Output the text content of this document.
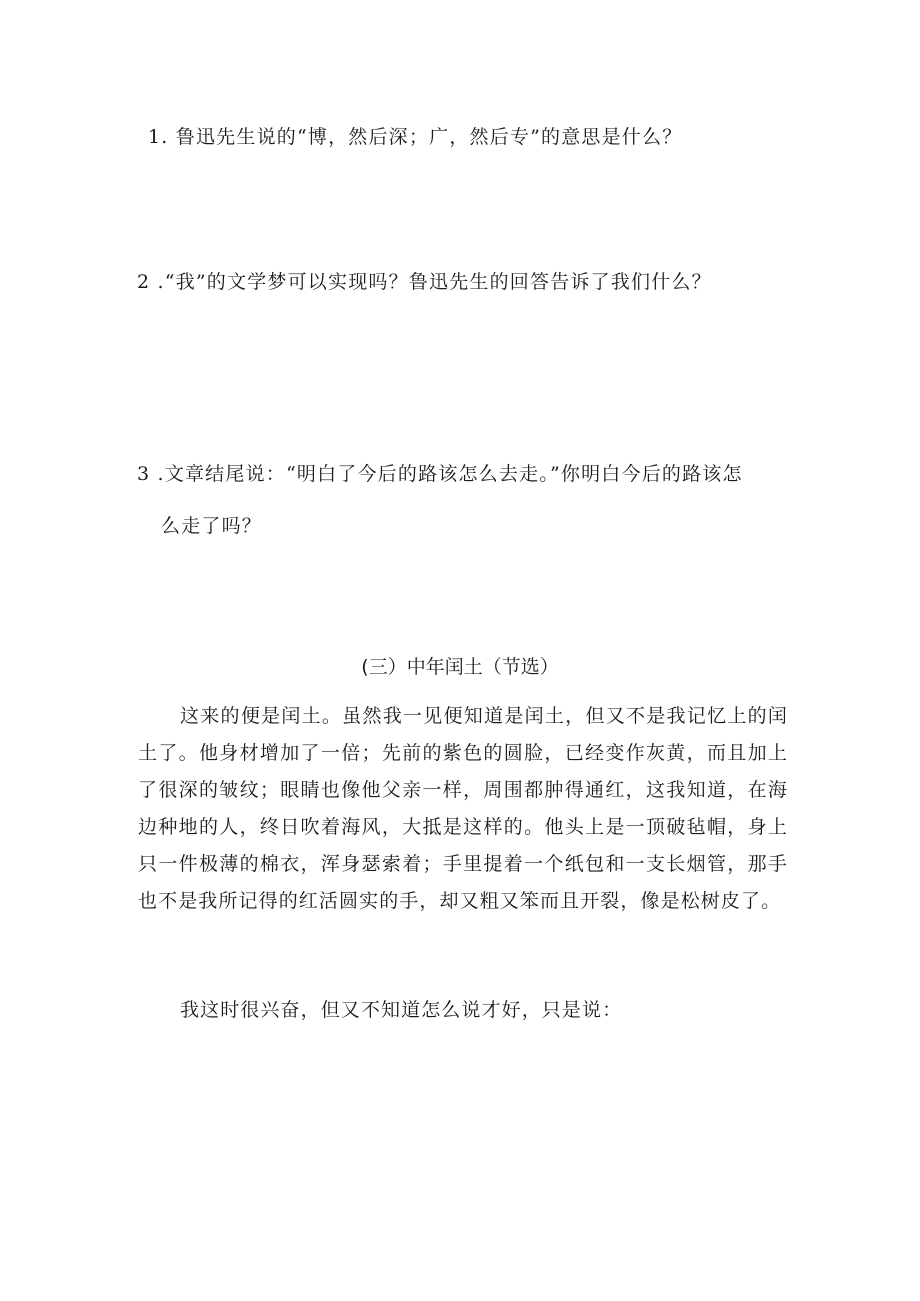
1. 鲁迅先生说的“博，然后深；广，然后专”的意思是什么？
2 .“我”的文学梦可以实现吗？鲁迅先生的回答告诉了我们什么？
3 .文章结尾说：“明白了今后的路该怎么去走。”你明白今后的路该怎
么走了吗？
(三）中年闰土（节选）

这来的便是闰土。虽然我一见便知道是闰土，但又不是我记忆上的闰土了。他身材增加了一倍；先前的紫色的圆脸，已经变作灰黄，而且加上了很深的皱纹；眼睛也像他父亲一样，周围都肿得通红，这我知道，在海边种地的人，终日吹着海风，大抵是这样的。他头上是一顶破毡帽，身上只一件极薄的棉衣，浑身瑟索着；手里提着一个纸包和一支长烟管，那手也不是我所记得的红活圆实的手，却又粗又笨而且开裂，像是松树皮了。

我这时很兴奋，但又不知道怎么说才好，只是说：
